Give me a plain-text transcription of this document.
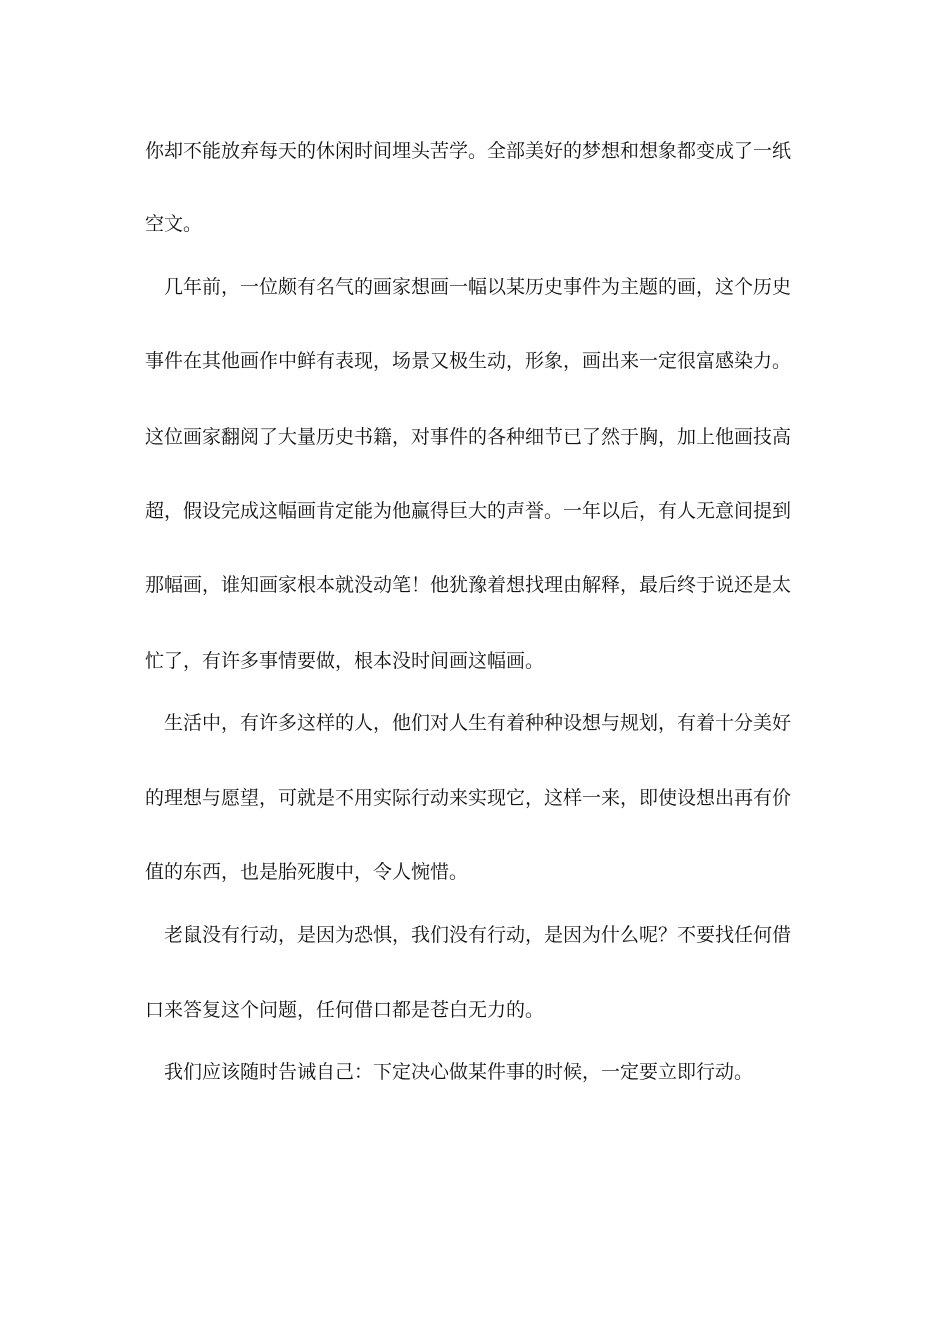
你却不能放弃每天的休闲时间埋头苦学。全部美好的梦想和想象都变成了一纸
空文。
　几年前，一位颇有名气的画家想画一幅以某历史事件为主题的画，这个历史
事件在其他画作中鲜有表现，场景又极生动，形象，画出来一定很富感染力。
这位画家翻阅了大量历史书籍，对事件的各种细节已了然于胸，加上他画技高
超，假设完成这幅画肯定能为他赢得巨大的声誉。一年以后，有人无意间提到
那幅画，谁知画家根本就没动笔！他犹豫着想找理由解释，最后终于说还是太
忙了，有许多事情要做，根本没时间画这幅画。
　生活中，有许多这样的人，他们对人生有着种种设想与规划，有着十分美好
的理想与愿望，可就是不用实际行动来实现它，这样一来，即使设想出再有价
值的东西，也是胎死腹中，令人惋惜。
　老鼠没有行动，是因为恐惧，我们没有行动，是因为什么呢？不要找任何借
口来答复这个问题，任何借口都是苍白无力的。
　我们应该随时告诫自己：下定决心做某件事的时候，一定要立即行动。
